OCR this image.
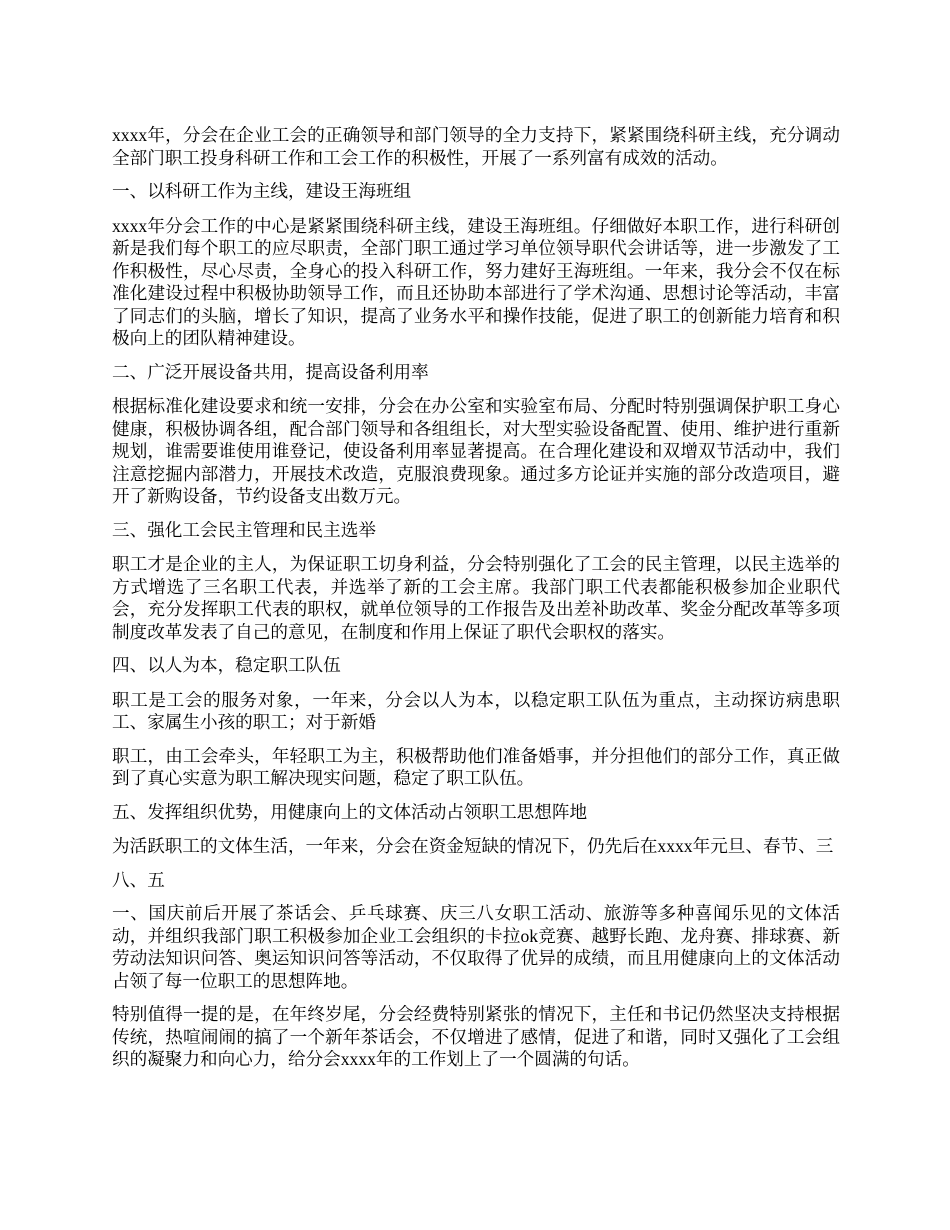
xxxx年，分会在企业工会的正确领导和部门领导的全力支持下，紧紧围绕科研主线，充分调动全部门职工投身科研工作和工会工作的积极性，开展了一系列富有成效的活动。

一、以科研工作为主线，建设王海班组

xxxx年分会工作的中心是紧紧围绕科研主线，建设王海班组。仔细做好本职工作，进行科研创新是我们每个职工的应尽职责，全部门职工通过学习单位领导职代会讲话等，进一步激发了工作积极性，尽心尽责，全身心的投入科研工作，努力建好王海班组。一年来，我分会不仅在标准化建设过程中积极协助领导工作，而且还协助本部进行了学术沟通、思想讨论等活动，丰富了同志们的头脑，增长了知识，提高了业务水平和操作技能，促进了职工的创新能力培育和积极向上的团队精神建设。

二、广泛开展设备共用，提高设备利用率

根据标准化建设要求和统一安排，分会在办公室和实验室布局、分配时特别强调保护职工身心健康，积极协调各组，配合部门领导和各组组长，对大型实验设备配置、使用、维护进行重新规划，谁需要谁使用谁登记，使设备利用率显著提高。在合理化建设和双增双节活动中，我们注意挖掘内部潜力，开展技术改造，克服浪费现象。通过多方论证并实施的部分改造项目，避开了新购设备，节约设备支出数万元。

三、强化工会民主管理和民主选举

职工才是企业的主人，为保证职工切身利益，分会特别强化了工会的民主管理，以民主选举的方式增选了三名职工代表，并选举了新的工会主席。我部门职工代表都能积极参加企业职代会，充分发挥职工代表的职权，就单位领导的工作报告及出差补助改革、奖金分配改革等多项制度改革发表了自己的意见，在制度和作用上保证了职代会职权的落实。

四、以人为本，稳定职工队伍

职工是工会的服务对象，一年来，分会以人为本，以稳定职工队伍为重点，主动探访病患职工、家属生小孩的职工；对于新婚

职工，由工会牵头，年轻职工为主，积极帮助他们准备婚事，并分担他们的部分工作，真正做到了真心实意为职工解决现实问题，稳定了职工队伍。

五、发挥组织优势，用健康向上的文体活动占领职工思想阵地

为活跃职工的文体生活，一年来，分会在资金短缺的情况下，仍先后在xxxx年元旦、春节、三

八、五

一、国庆前后开展了茶话会、乒乓球赛、庆三八女职工活动、旅游等多种喜闻乐见的文体活动，并组织我部门职工积极参加企业工会组织的卡拉ok竞赛、越野长跑、龙舟赛、排球赛、新劳动法知识问答、奥运知识问答等活动，不仅取得了优异的成绩，而且用健康向上的文体活动占领了每一位职工的思想阵地。

特别值得一提的是，在年终岁尾，分会经费特别紧张的情况下，主任和书记仍然坚决支持根据传统，热喧闹闹的搞了一个新年茶话会，不仅增进了感情，促进了和谐，同时又强化了工会组织的凝聚力和向心力，给分会xxxx年的工作划上了一个圆满的句话。
